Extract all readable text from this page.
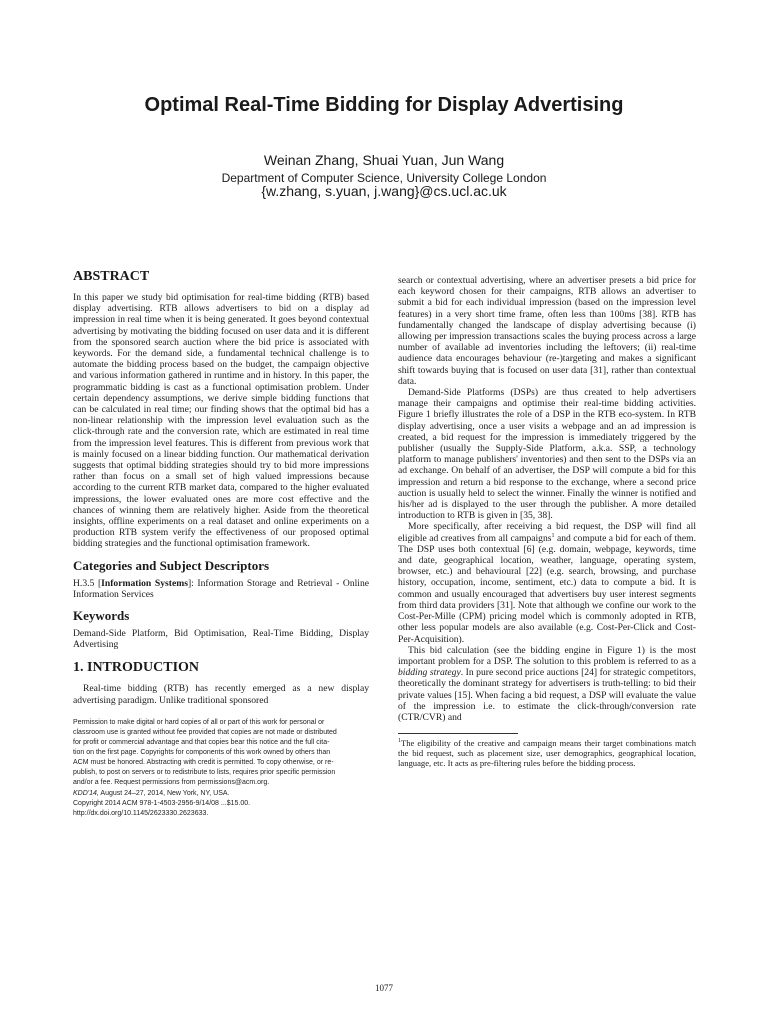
Optimal Real-Time Bidding for Display Advertising
Weinan Zhang, Shuai Yuan, Jun Wang
Department of Computer Science, University College London
{w.zhang, s.yuan, j.wang}@cs.ucl.ac.uk
ABSTRACT

In this paper we study bid optimisation for real-time bidding (RTB) based display advertising. RTB allows advertisers to bid on a display ad impression in real time when it is being generated. It goes beyond contextual advertising by motivating the bidding focused on user data and it is different from the sponsored search auction where the bid price is associated with keywords. For the demand side, a fundamental technical challenge is to automate the bidding process based on the budget, the campaign objective and various information gathered in runtime and in history. In this paper, the programmatic bidding is cast as a functional optimisation problem. Under certain dependency assumptions, we derive simple bidding functions that can be calculated in real time; our finding shows that the optimal bid has a non-linear relationship with the impression level evaluation such as the click-through rate and the conversion rate, which are estimated in real time from the impression level features. This is different from previous work that is mainly focused on a linear bidding function. Our mathematical derivation suggests that optimal bidding strategies should try to bid more impressions rather than focus on a small set of high valued impressions because according to the current RTB market data, compared to the higher evaluated impressions, the lower evaluated ones are more cost effective and the chances of winning them are relatively higher. Aside from the theoretical insights, offline experiments on a real dataset and online experiments on a production RTB system verify the effectiveness of our proposed optimal bidding strategies and the functional optimisation framework.

Categories and Subject Descriptors

H.3.5 [Information Systems]: Information Storage and Retrieval - Online Information Services

Keywords

Demand-Side Platform, Bid Optimisation, Real-Time Bidding, Display Advertising

1. INTRODUCTION

Real-time bidding (RTB) has recently emerged as a new display advertising paradigm. Unlike traditional sponsored

Permission to make digital or hard copies of all or part of this work for personal or
classroom use is granted without fee provided that copies are not made or distributed
for profit or commercial advantage and that copies bear this notice and the full cita-
tion on the first page. Copyrights for components of this work owned by others than
ACM must be honored. Abstracting with credit is permitted. To copy otherwise, or re-
publish, to post on servers or to redistribute to lists, requires prior specific permission
and/or a fee. Request permissions from permissions@acm.org.
KDD'14, August 24–27, 2014, New York, NY, USA.
Copyright 2014 ACM 978-1-4503-2956-9/14/08 ...$15.00.
http://dx.doi.org/10.1145/2623330.2623633.

search or contextual advertising, where an advertiser presets a bid price for each keyword chosen for their campaigns, RTB allows an advertiser to submit a bid for each individual impression (based on the impression level features) in a very short time frame, often less than 100ms [38]. RTB has fundamentally changed the landscape of display advertising because (i) allowing per impression transactions scales the buying process across a large number of available ad inventories including the leftovers; (ii) real-time audience data encourages behaviour (re-)targeting and makes a significant shift towards buying that is focused on user data [31], rather than contextual data.

Demand-Side Platforms (DSPs) are thus created to help advertisers manage their campaigns and optimise their real-time bidding activities. Figure 1 briefly illustrates the role of a DSP in the RTB eco-system. In RTB display advertising, once a user visits a webpage and an ad impression is created, a bid request for the impression is immediately triggered by the publisher (usually the Supply-Side Platform, a.k.a. SSP, a technology platform to manage publishers' inventories) and then sent to the DSPs via an ad exchange. On behalf of an advertiser, the DSP will compute a bid for this impression and return a bid response to the exchange, where a second price auction is usually held to select the winner. Finally the winner is notified and his/her ad is displayed to the user through the publisher. A more detailed introduction to RTB is given in [35, 38].

More specifically, after receiving a bid request, the DSP will find all eligible ad creatives from all campaigns$^1$ and compute a bid for each of them. The DSP uses both contextual [6] (e.g. domain, webpage, keywords, time and date, geographical location, weather, language, operating system, browser, etc.) and behavioural [22] (e.g. search, browsing, and purchase history, occupation, income, sentiment, etc.) data to compute a bid. It is common and usually encouraged that advertisers buy user interest segments from third data providers [31]. Note that although we confine our work to the Cost-Per-Mille (CPM) pricing model which is commonly adopted in RTB, other less popular models are also available (e.g. Cost-Per-Click and Cost-Per-Acquisition).

This bid calculation (see the bidding engine in Figure 1) is the most important problem for a DSP. The solution to this problem is referred to as a bidding strategy. In pure second price auctions [24] for strategic competitors, theoretically the dominant strategy for advertisers is truth-telling: to bid their private values [15]. When facing a bid request, a DSP will evaluate the value of the impression i.e. to estimate the click-through/conversion rate (CTR/CVR) and

$^1$The eligibility of the creative and campaign means their target combinations match the bid request, such as placement size, user demographics, geographical location, language, etc. It acts as pre-filtering rules before the bidding process.

1077
